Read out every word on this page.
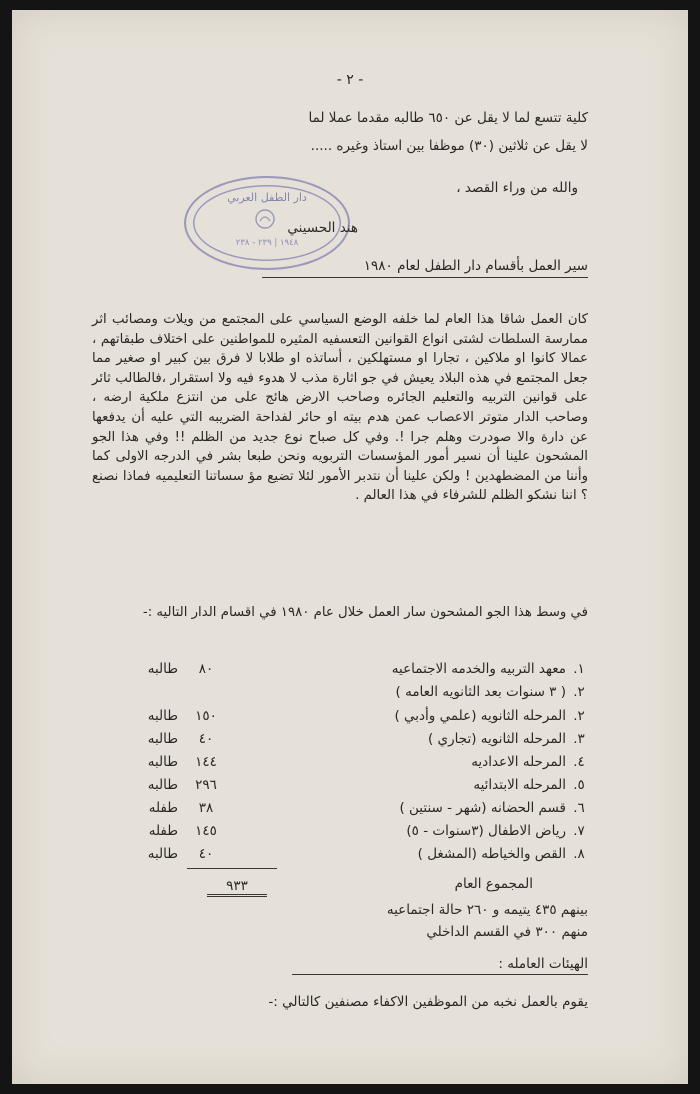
- ٢ -
كلية تتسع لما لا يقل عن ٦٥٠ طالبه مقدما عملا لما
لا يقل عن ثلاثين (٣٠) موظفا بين استاذ وغيره .....
والله من وراء القصد ،
دار الطفل العربي
١٩٤٨ | ٢٣٩ - ٢٣٨
هند الحسيني
سير العمل بأقسام دار الطفل لعام ١٩٨٠
كان العمل شاقا هذا العام لما خلفه الوضع السياسي على المجتمع من ويلات ومصائب اثر ممارسة السلطات لشتى انواع القوانين التعسفيه المثيره للمواطنين على اختلاف طبقاتهم ، عمالا كانوا او ملاكين ، تجارا او مستهلكين ، أساتذه او طلابا لا فرق بين كبير او صغير مما جعل المجتمع في هذه البلاد يعيش في جو اثارة مذب لا هدوء فيه ولا استقرار ،فالطالب ثائر على قوانين التربيه والتعليم الجائره وصاحب الارض هائج على من انتزع ملكية ارضه ، وصاحب الدار متوتر الاعصاب عمن هدم بيته او حائر لفداحة الضريبه التي عليه أن يدفعها عن دارة والا صودرت وهلم جرا !. وفي كل صباح نوع جديد من الظلم !! وفي هذا الجو المشحون علينا أن نسير أمور المؤسسات التربويه ونحن طبعا بشر في الدرجه الاولى كما وأننا من المضطهدين ! ولكن علينا أن نتدبر الأمور لئلا تضيع مؤ سساتنا التعليميه فماذا نصنع ؟ اننا نشكو الظلم للشرفاء في هذا العالم .
في وسط هذا الجو المشحون سار العمل خلال عام ١٩٨٠ في اقسام الدار التاليه :-
١.
معهد التربيه والخدمه الاجتماعيه
٨٠
طالبه
٢.
( ٣ سنوات بعد الثانويه العامه )
٢.
المرحله الثانويه (علمي وأدبي )
١٥٠
طالبه
٣.
المرحله الثانويه (تجاري )
٤٠
طالبه
٤.
المرحله الاعداديه
١٤٤
طالبه
٥.
المرحله الابتدائيه
٢٩٦
طالبه
٦.
قسم الحضانه (شهر - سنتين )
٣٨
طفله
٧.
رياض الاطفال (٣سنوات - ٥)
١٤٥
طفله
المجموع العام
٩٣٣
بينهم ٤٣٥ يتيمه و ٢٦٠ حالة اجتماعيه
منهم ٣٠٠ في القسم الداخلي
الهيئات العامله :
يقوم بالعمل نخبه من الموظفين الاكفاء مصنفين كالتالي :-
٨.
القص والخياطه (المشغل )
٤٠
طالبه
